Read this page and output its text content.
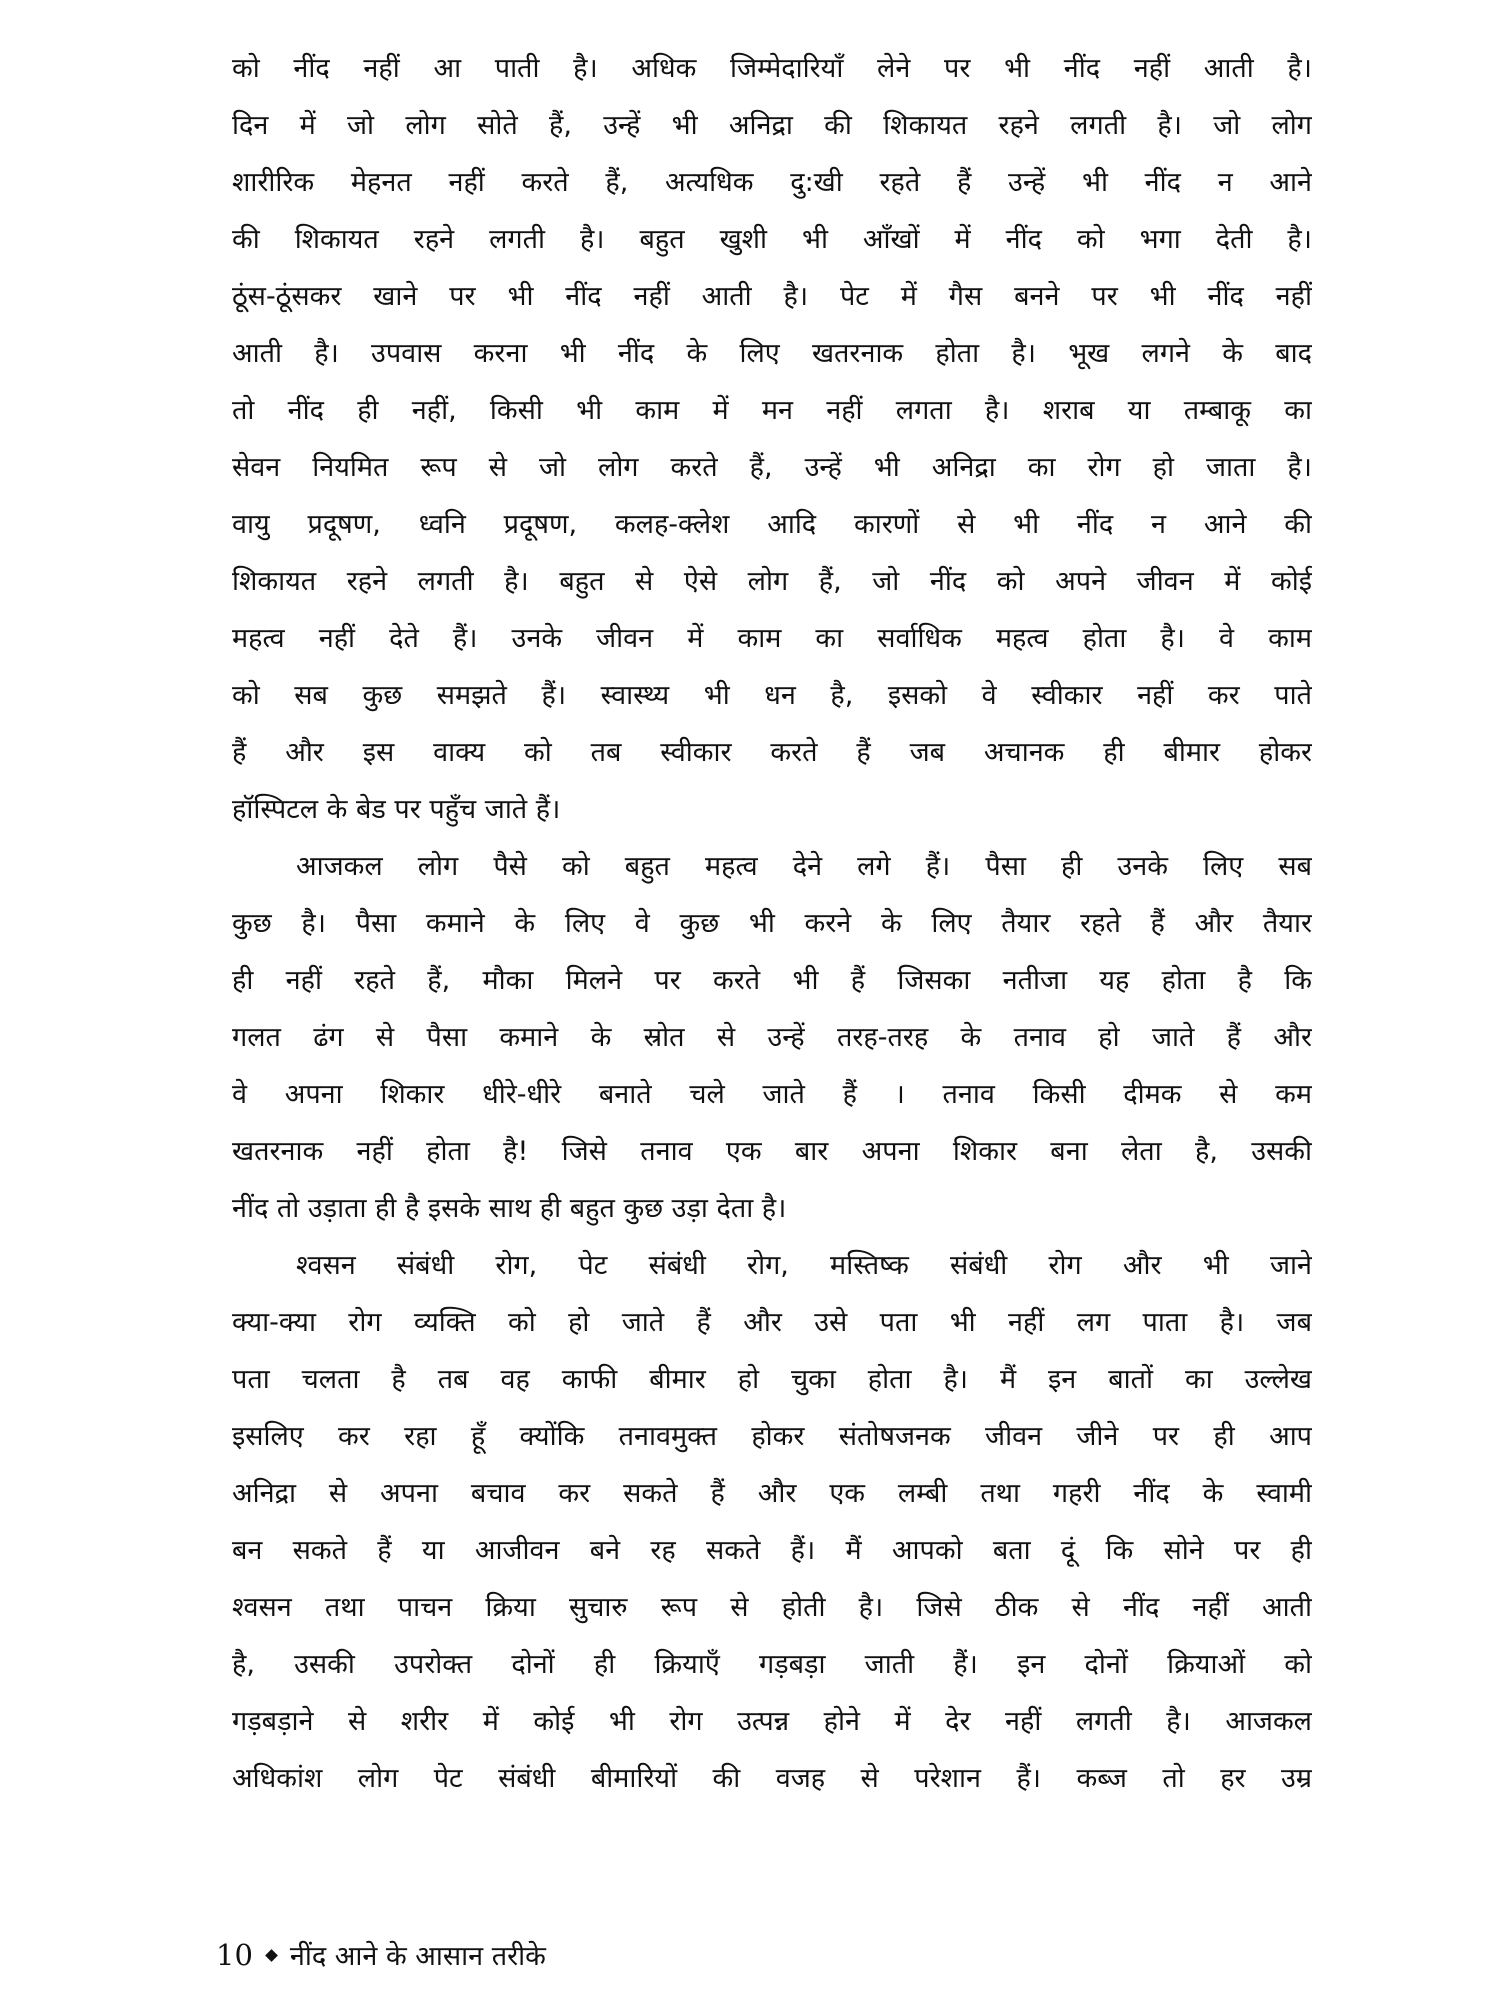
को नींद नहीं आ पाती है। अधिक जिम्मेदारियाँ लेने पर भी नींद नहीं आती है।
दिन में जो लोग सोते हैं, उन्हें भी अनिद्रा की शिकायत रहने लगती है। जो लोग
शारीरिक मेहनत नहीं करते हैं, अत्यधिक दु:खी रहते हैं उन्हें भी नींद न आने
की शिकायत रहने लगती है। बहुत खुशी भी आँखों में नींद को भगा देती है।
ठूंस-ठूंसकर खाने पर भी नींद नहीं आती है। पेट में गैस बनने पर भी नींद नहीं
आती है। उपवास करना भी नींद के लिए खतरनाक होता है। भूख लगने के बाद
तो नींद ही नहीं, किसी भी काम में मन नहीं लगता है। शराब या तम्बाकू का
सेवन नियमित रूप से जो लोग करते हैं, उन्हें भी अनिद्रा का रोग हो जाता है।
वायु प्रदूषण, ध्वनि प्रदूषण, कलह-क्लेश आदि कारणों से भी नींद न आने की
शिकायत रहने लगती है। बहुत से ऐसे लोग हैं, जो नींद को अपने जीवन में कोई
महत्व नहीं देते हैं। उनके जीवन में काम का सर्वाधिक महत्व होता है। वे काम
को सब कुछ समझते हैं। स्वास्थ्य भी धन है, इसको वे स्वीकार नहीं कर पाते
हैं और इस वाक्य को तब स्वीकार करते हैं जब अचानक ही बीमार होकर
हॉस्पिटल के बेड पर पहुँच जाते हैं।
आजकल लोग पैसे को बहुत महत्व देने लगे हैं। पैसा ही उनके लिए सब
कुछ है। पैसा कमाने के लिए वे कुछ भी करने के लिए तैयार रहते हैं और तैयार
ही नहीं रहते हैं, मौका मिलने पर करते भी हैं जिसका नतीजा यह होता है कि
गलत ढंग से पैसा कमाने के स्रोत से उन्हें तरह-तरह के तनाव हो जाते हैं और
वे अपना शिकार धीरे-धीरे बनाते चले जाते हैं । तनाव किसी दीमक से कम
खतरनाक नहीं होता है! जिसे तनाव एक बार अपना शिकार बना लेता है, उसकी
नींद तो उड़ाता ही है इसके साथ ही बहुत कुछ उड़ा देता है।
श्वसन संबंधी रोग, पेट संबंधी रोग, मस्तिष्क संबंधी रोग और भी जाने
क्या-क्या रोग व्यक्ति को हो जाते हैं और उसे पता भी नहीं लग पाता है। जब
पता चलता है तब वह काफी बीमार हो चुका होता है। मैं इन बातों का उल्लेख
इसलिए कर रहा हूँ क्योंकि तनावमुक्त होकर संतोषजनक जीवन जीने पर ही आप
अनिद्रा से अपना बचाव कर सकते हैं और एक लम्बी तथा गहरी नींद के स्वामी
बन सकते हैं या आजीवन बने रह सकते हैं। मैं आपको बता दूं कि सोने पर ही
श्वसन तथा पाचन क्रिया सुचारु रूप से होती है। जिसे ठीक से नींद नहीं आती
है, उसकी उपरोक्त दोनों ही क्रियाएँ गड़बड़ा जाती हैं। इन दोनों क्रियाओं को
गड़बड़ाने से शरीर में कोई भी रोग उत्पन्न होने में देर नहीं लगती है। आजकल
अधिकांश लोग पेट संबंधी बीमारियों की वजह से परेशान हैं। कब्ज तो हर उम्र
10 नींद आने के आसान तरीके
